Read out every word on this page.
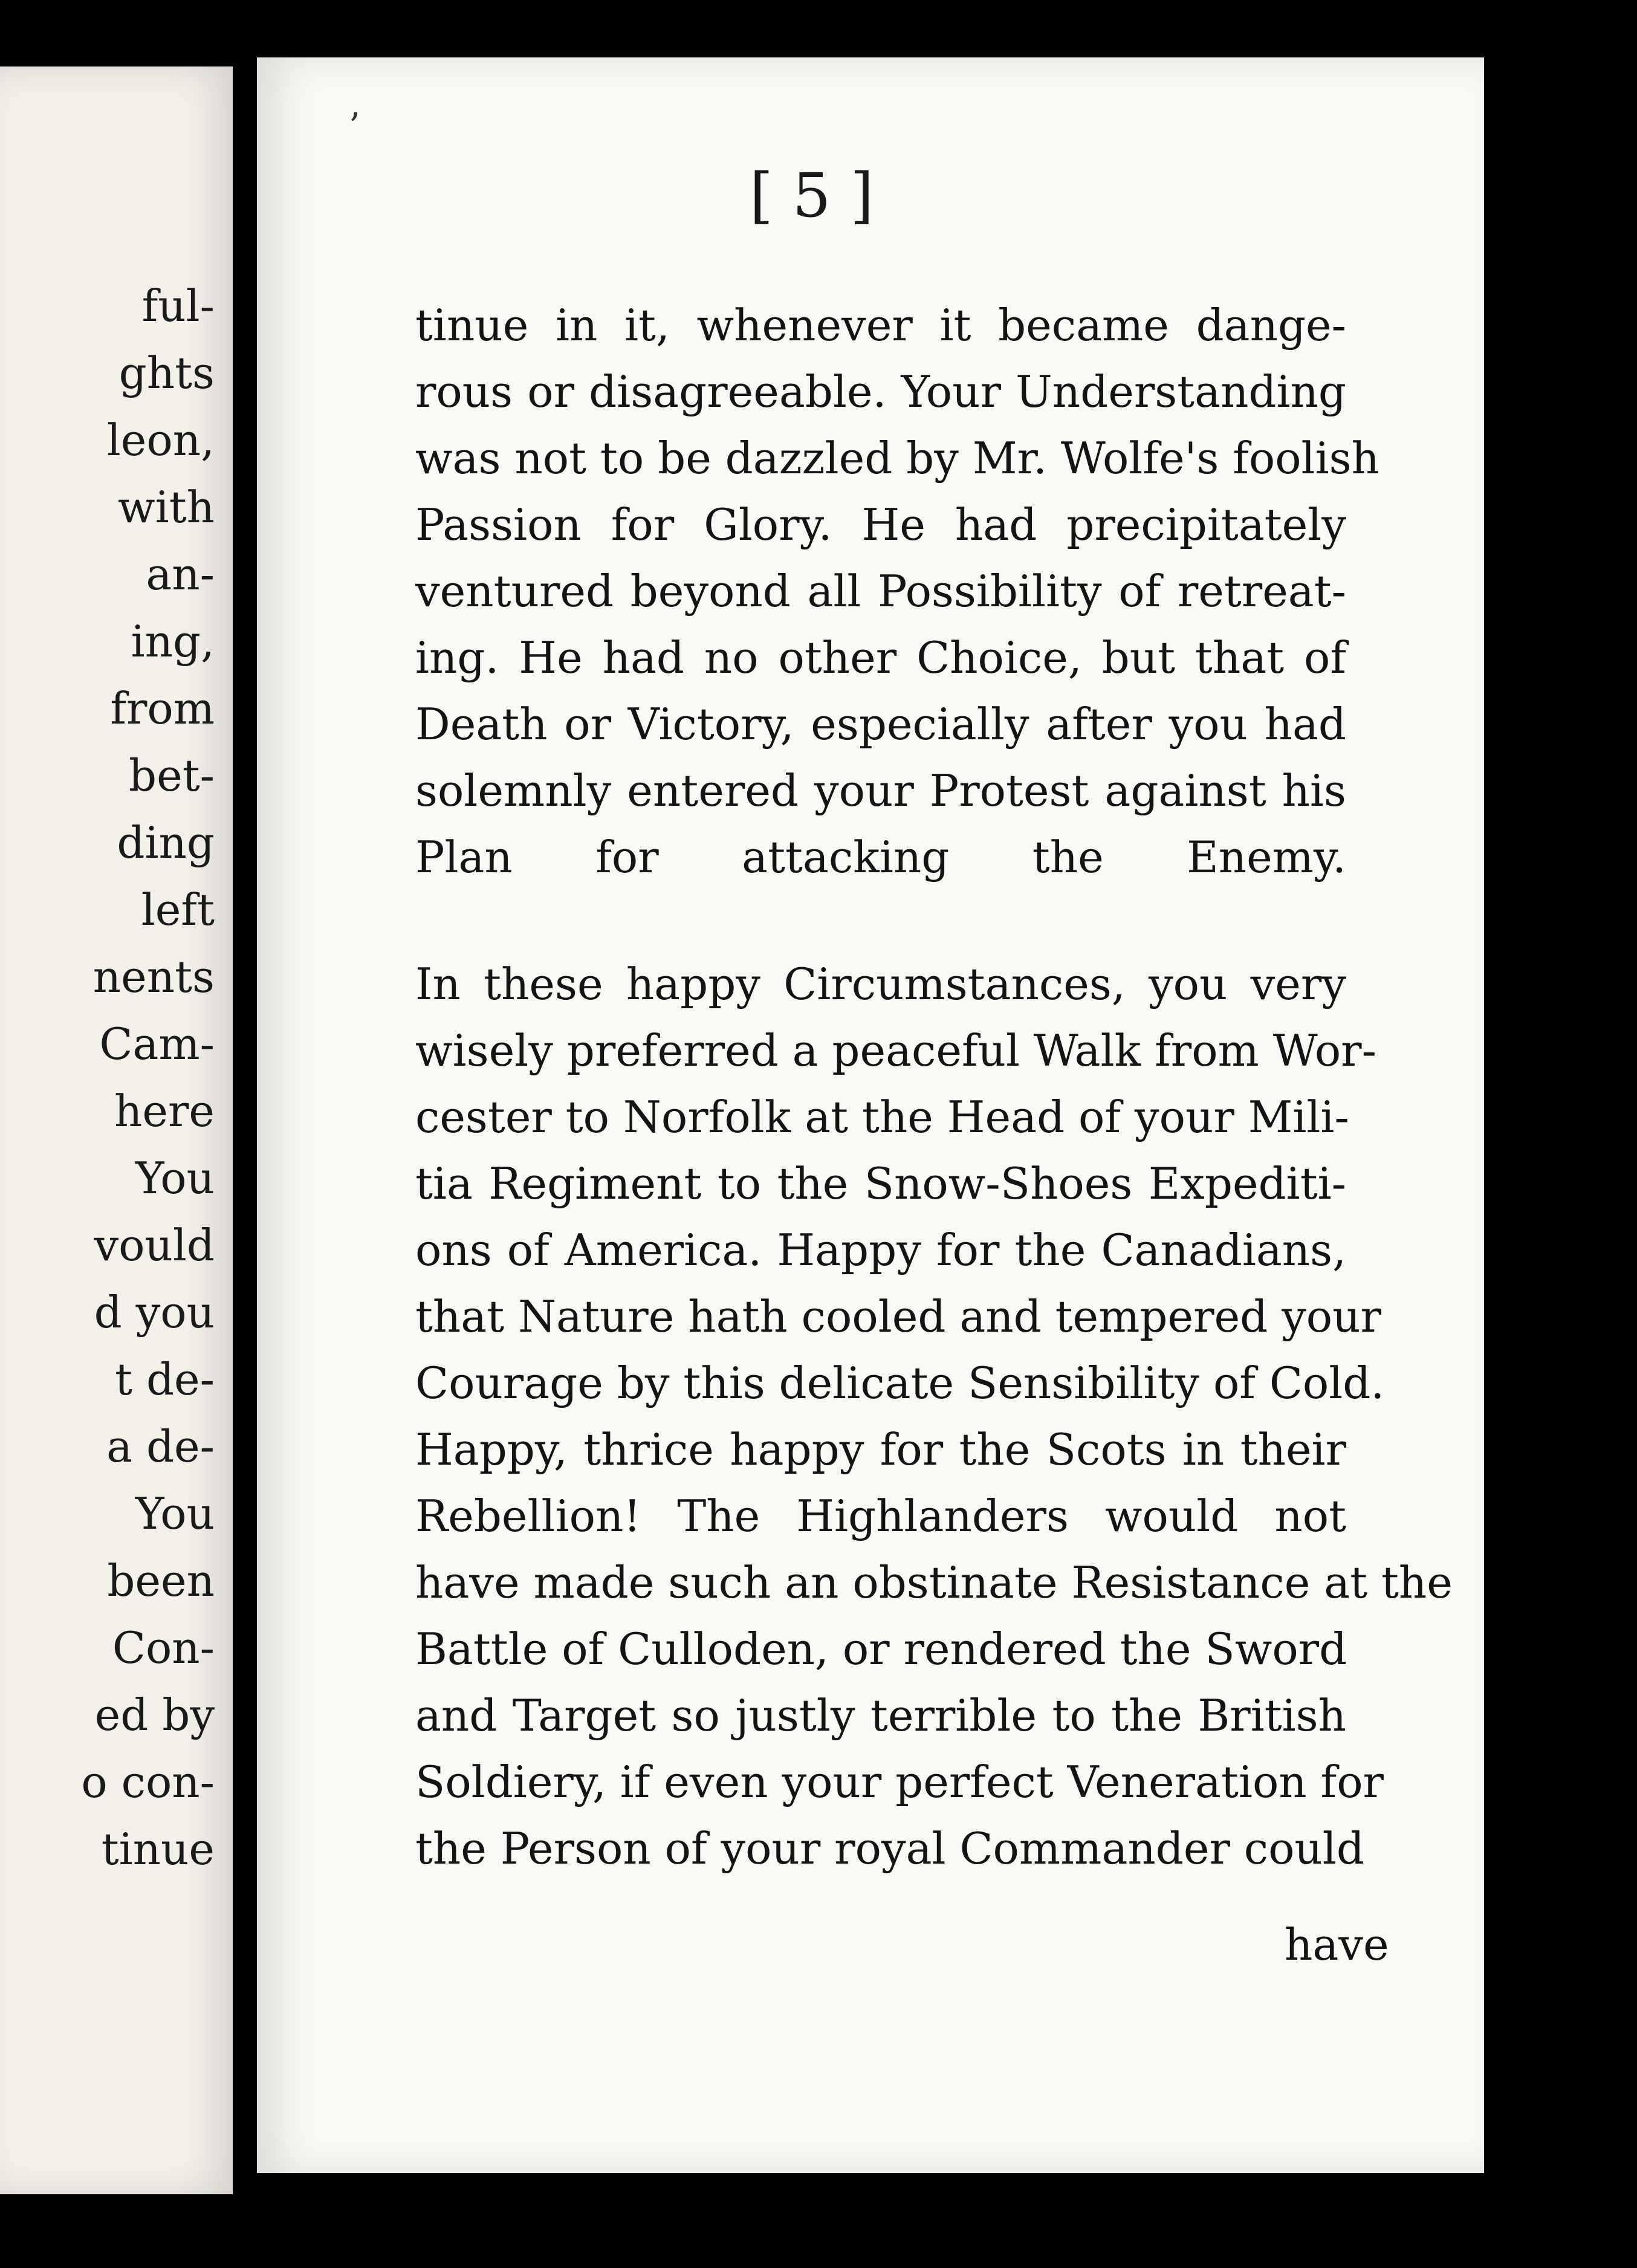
ful-
ghts
leon,
with
an-
ing,
from
bet-
ding
left
nents
Cam-
here
You
vould
d you
t de-
a de-
You
been
Con-
ed by
o con-
tinue
[ 5 ]
ʼ
tinue in it, whenever it became dange-
rous or disagreeable. Your Understanding
was not to be dazzled by Mr. Wolfe's foolish
Passion for Glory. He had precipitately
ventured beyond all Possibility of retreat-
ing. He had no other Choice, but that of
Death or Victory, especially after you had
solemnly entered your Protest against his
Plan for attacking the Enemy.
In these happy Circumstances, you very
wisely preferred a peaceful Walk from Wor-
cester to Norfolk at the Head of your Mili-
tia Regiment to the Snow-Shoes Expediti-
ons of America. Happy for the Canadians,
that Nature hath cooled and tempered your
Courage by this delicate Sensibility of Cold.
Happy, thrice happy for the Scots in their
Rebellion! The Highlanders would not
have made such an obstinate Resistance at the
Battle of Culloden, or rendered the Sword
and Target so justly terrible to the British
Soldiery, if even your perfect Veneration for
the Person of your royal Commander could
have
